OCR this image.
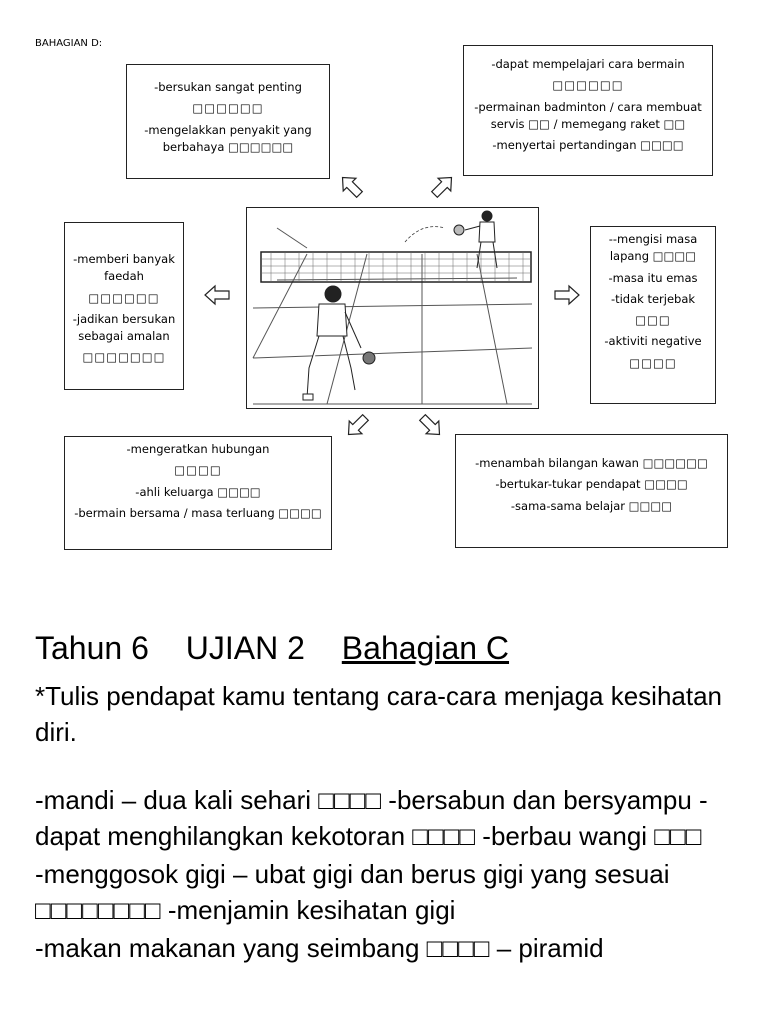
BAHAGIAN D:

-bersukan sangat penting

□□□□□□

-mengelakkan penyakit yang

berbahaya □□□□□□

-dapat mempelajari cara bermain

□□□□□□

-permainan badminton / cara membuat

servis □□ / memegang raket □□

-menyertai pertandingan □□□□

-memberi banyak

faedah

□□□□□□

-jadikan bersukan

sebagai amalan

□□□□□□□

--mengisi masa

lapang □□□□

-masa itu emas

-tidak terjebak

□□□

-aktiviti negative

□□□□

-mengeratkan hubungan

□□□□

-ahli keluarga □□□□

-bermain bersama / masa terluang □□□□

-menambah bilangan kawan □□□□□□

-bertukar-tukar pendapat □□□□

-sama-sama belajar □□□□

Tahun 6 UJIAN 2 Bahagian C
*Tulis pendapat kamu tentang cara-cara menjaga kesihatan diri.

-mandi – dua kali sehari □□□□ -bersabun dan bersyampu -dapat menghilangkan kekotoran □□□□ -berbau wangi □□□

-menggosok gigi – ubat gigi dan berus gigi yang sesuai □□□□□□□□ -menjamin kesihatan gigi

-makan makanan yang seimbang □□□□ – piramid
